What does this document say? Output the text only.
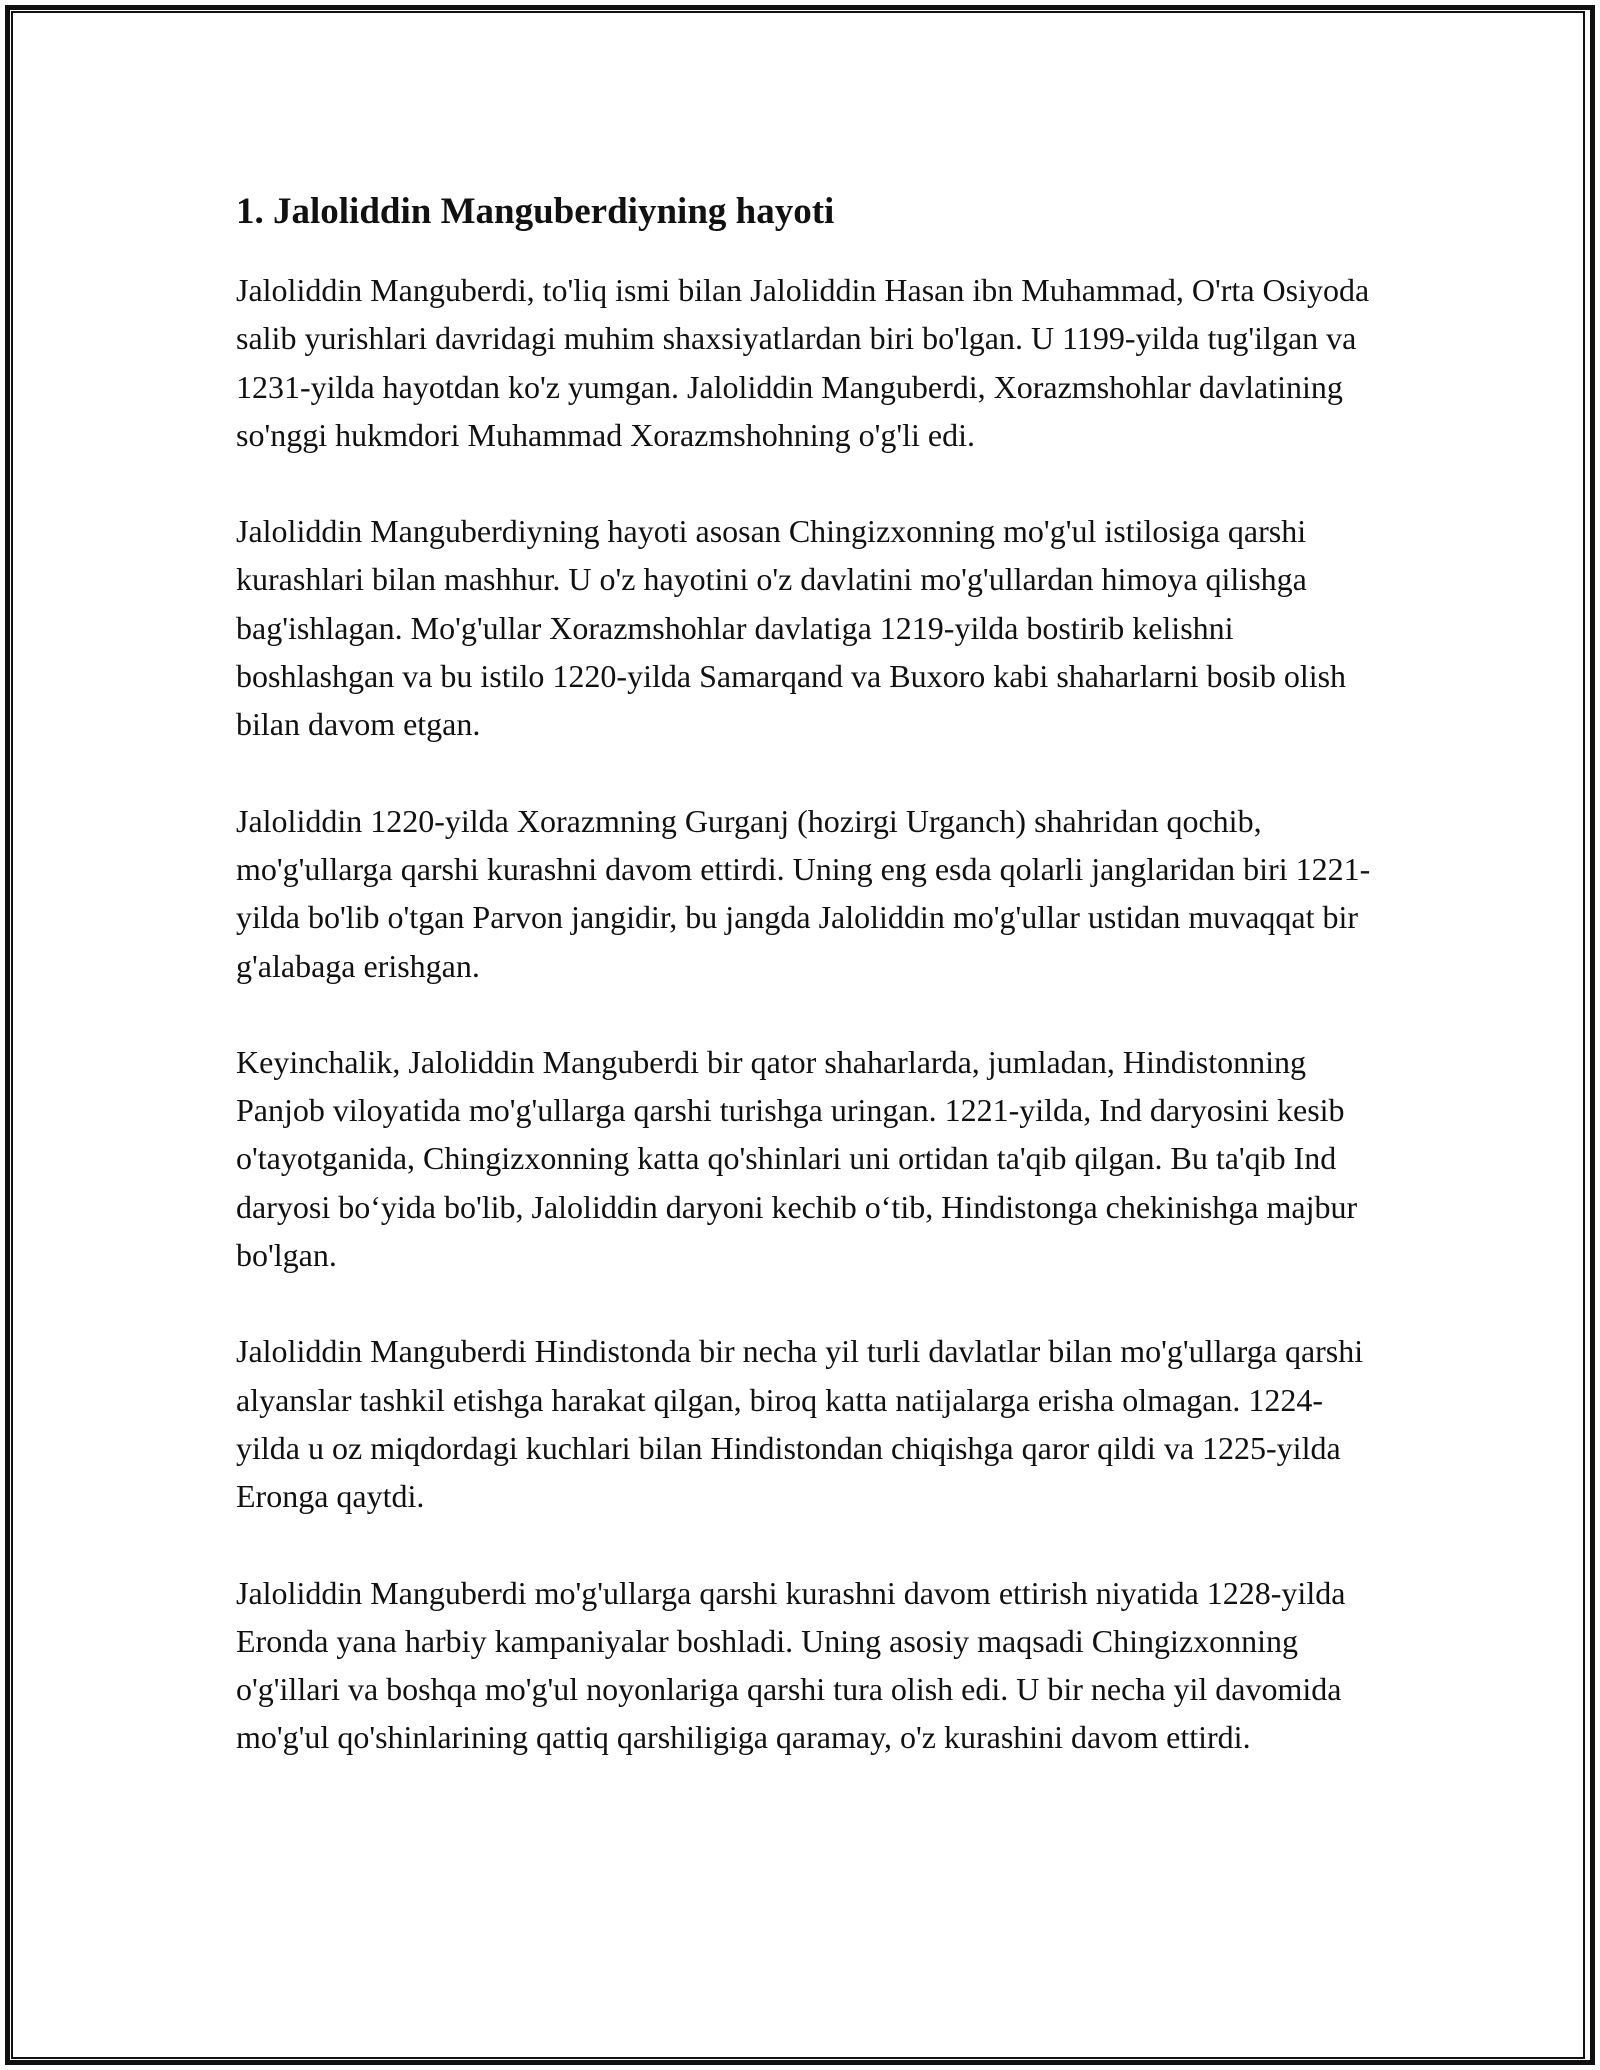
1. Jaloliddin Manguberdiyning hayoti

Jaloliddin Manguberdi, to'liq ismi bilan Jaloliddin Hasan ibn Muhammad, O'rta Osiyoda salib yurishlari davridagi muhim shaxsiyatlardan biri bo'lgan. U 1199-yilda tug'ilgan va 1231-yilda hayotdan ko'z yumgan. Jaloliddin Manguberdi, Xorazmshohlar davlatining so'nggi hukmdori Muhammad Xorazmshohning o'g'li edi.

Jaloliddin Manguberdiyning hayoti asosan Chingizxonning mo'g'ul istilosiga qarshi kurashlari bilan mashhur. U o'z hayotini o'z davlatini mo'g'ullardan himoya qilishga bag'ishlagan. Mo'g'ullar Xorazmshohlar davlatiga 1219-yilda bostirib kelishni boshlashgan va bu istilo 1220-yilda Samarqand va Buxoro kabi shaharlarni bosib olish bilan davom etgan.

Jaloliddin 1220-yilda Xorazmning Gurganj (hozirgi Urganch) shahridan qochib, mo'g'ullarga qarshi kurashni davom ettirdi. Uning eng esda qolarli janglaridan biri 1221-yilda bo'lib o'tgan Parvon jangidir, bu jangda Jaloliddin mo'g'ullar ustidan muvaqqat bir g'alabaga erishgan.

Keyinchalik, Jaloliddin Manguberdi bir qator shaharlarda, jumladan, Hindistonning Panjob viloyatida mo'g'ullarga qarshi turishga uringan. 1221-yilda, Ind daryosini kesib o'tayotganida, Chingizxonning katta qo'shinlari uni ortidan ta'qib qilgan. Bu ta'qib Ind daryosi bo‘yida bo'lib, Jaloliddin daryoni kechib o‘tib, Hindistonga chekinishga majbur bo'lgan.

Jaloliddin Manguberdi Hindistonda bir necha yil turli davlatlar bilan mo'g'ullarga qarshi alyanslar tashkil etishga harakat qilgan, biroq katta natijalarga erisha olmagan. 1224-yilda u oz miqdordagi kuchlari bilan Hindistondan chiqishga qaror qildi va 1225-yilda Eronga qaytdi.

Jaloliddin Manguberdi mo'g'ullarga qarshi kurashni davom ettirish niyatida 1228-yilda Eronda yana harbiy kampaniyalar boshladi. Uning asosiy maqsadi Chingizxonning o'g'illari va boshqa mo'g'ul noyonlariga qarshi tura olish edi. U bir necha yil davomida mo'g'ul qo'shinlarining qattiq qarshiligiga qaramay, o'z kurashini davom ettirdi.
